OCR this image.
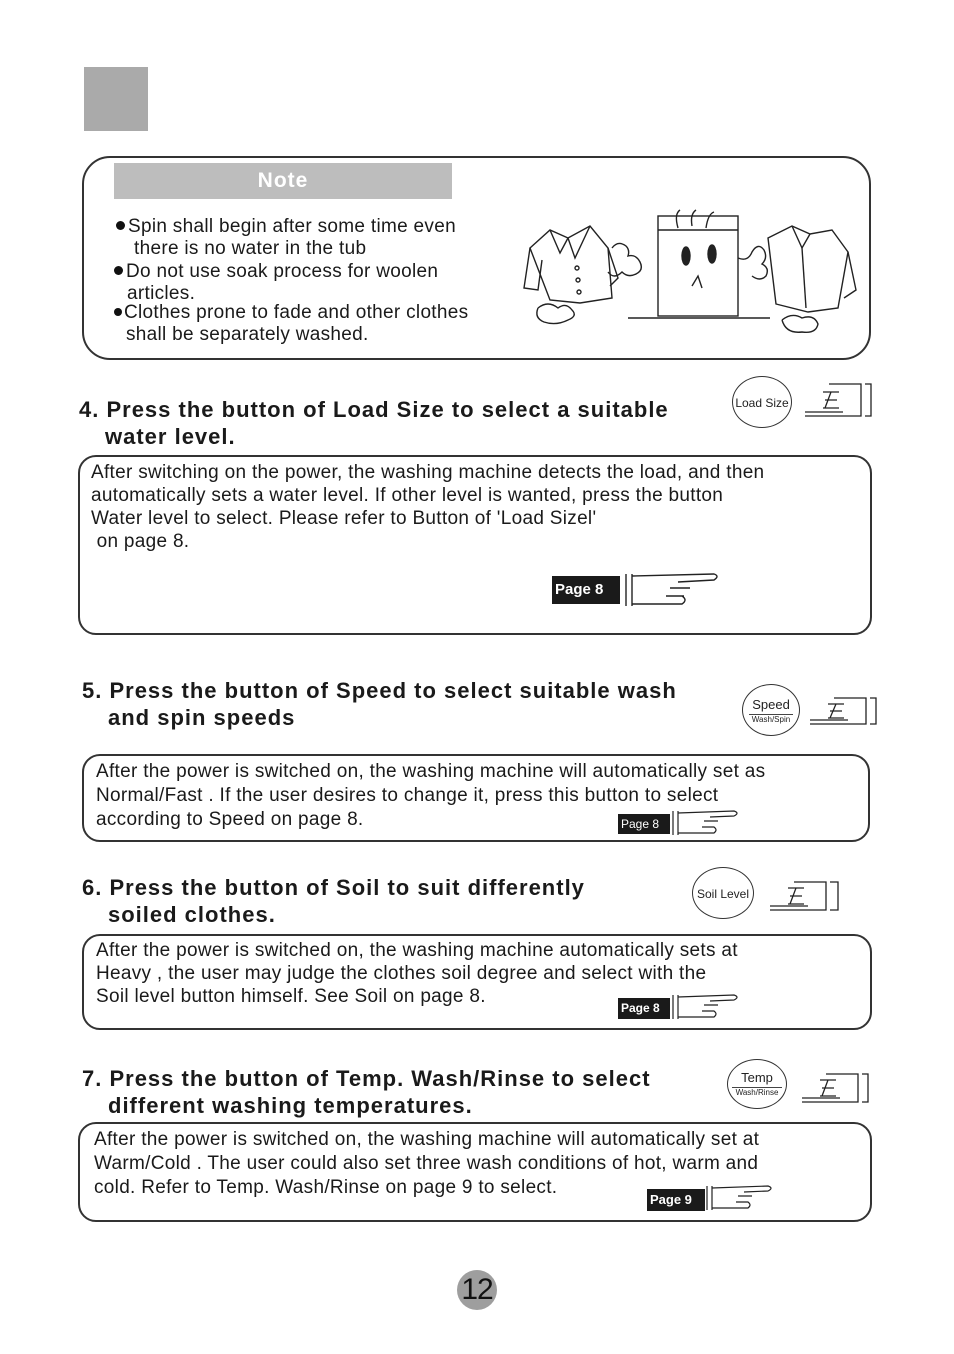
Note
Spin shall begin after some time even
there is no water in the tub
Do not use soak process for woolen
articles.
Clothes prone to fade and other clothes
shall be separately washed.
4. Press the button of Load Size to select a suitable
water level.
Load Size
After switching on the power, the washing machine detects the load, and then
automatically sets a water level. If other level is wanted, press the button
Water level to select. Please refer to Button of 'Load Sizel'
on page 8.
Page 8
5. Press the button of Speed to select suitable wash
and spin speeds
Speed
Wash/Spin
After the power is switched on, the washing machine will automatically set as
Normal/Fast . If the user desires to change it, press this button to select
according to Speed on page 8.	Page 8
6. Press the button of Soil to suit differently
soiled clothes.
Soil Level
After the power is switched on, the washing machine automatically sets at
Heavy , the user may judge the clothes soil degree and select with the
Soil level button himself. See Soil on page 8.
Page 8
7. Press the button of Temp. Wash/Rinse to select
different washing temperatures.
Temp
Wash/Rinse
After the power is switched on, the washing machine will automatically set at
Warm/Cold . The user could also set three wash conditions of hot, warm and
cold. Refer to Temp. Wash/Rinse on page 9 to select.
Page 9
12
